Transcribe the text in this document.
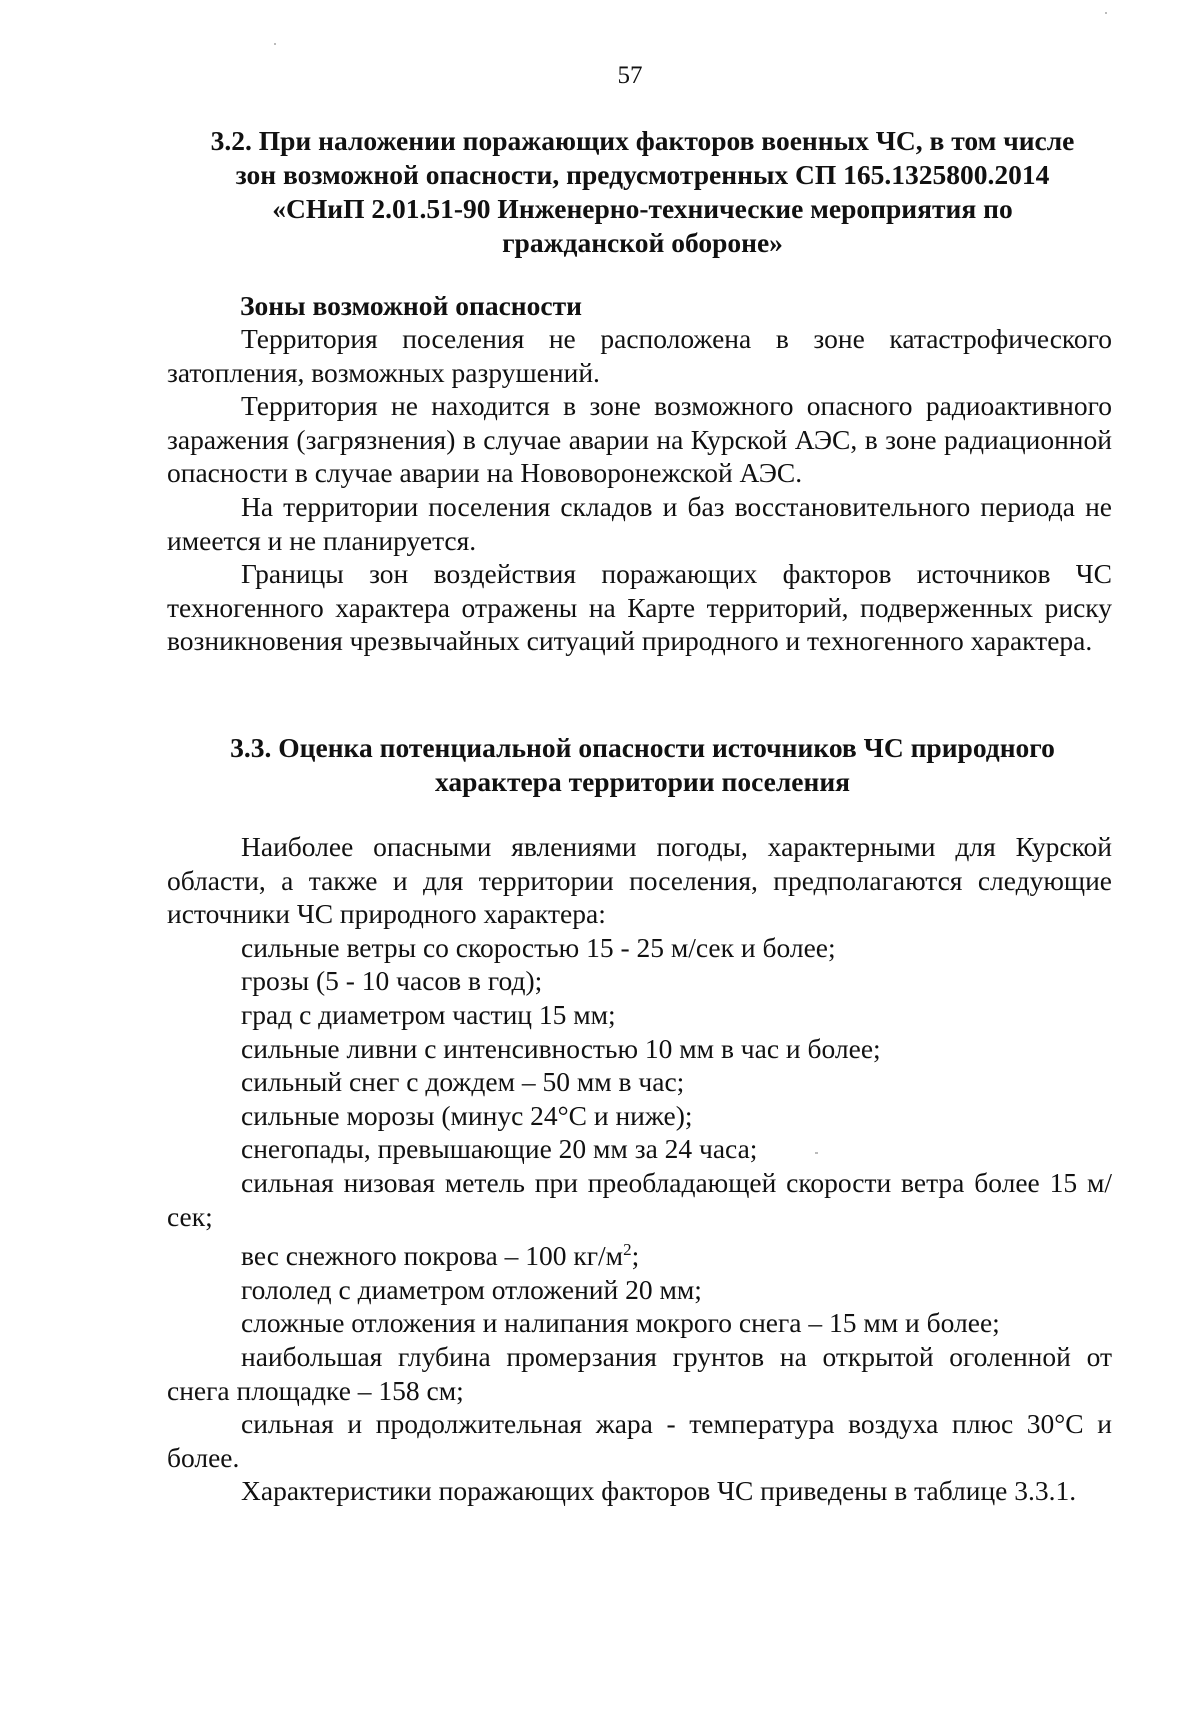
57
3.2. При наложении поражающих факторов военных ЧС, в том числе
зон возможной опасности, предусмотренных СП 165.1325800.2014
«СНиП 2.01.51-90 Инженерно-технические мероприятия по
гражданской обороне»
Зоны возможной опасности

Территория поселения не расположена в зоне катастрофического затопления, возможных разрушений.

Территория не находится в зоне возможного опасного радиоактивного заражения (загрязнения) в случае аварии на Курской АЭС, в зоне радиационной опасности в случае аварии на Нововоронежской АЭС.

На территории поселения складов и баз восстановительного периода не имеется и не планируется.

Границы зон воздействия поражающих факторов источников ЧС техногенного характера отражены на Карте территорий, подверженных риску возникновения чрезвычайных ситуаций природного и техногенного характера.

3.3. Оценка потенциальной опасности источников ЧС природного
характера территории поселения

Наиболее опасными явлениями погоды, характерными для Курской области, а также и для территории поселения, предполагаются следующие источники ЧС природного характера:

сильные ветры со скоростью 15 - 25 м/сек и более;

грозы (5 - 10 часов в год);

град с диаметром частиц 15 мм;

сильные ливни с интенсивностью 10 мм в час и более;

сильный снег с дождем – 50 мм в час;

сильные морозы (минус 24°С и ниже);

снегопады, превышающие 20 мм за 24 часа;

сильная низовая метель при преобладающей скорости ветра более 15 м/сек;

вес снежного покрова – 100 $кг/м^2$;

гололед с диаметром отложений 20 мм;

сложные отложения и налипания мокрого снега – 15 мм и более;

наибольшая глубина промерзания грунтов на открытой оголенной от снега площадке – 158 см;

сильная и продолжительная жара - температура воздуха плюс 30°С и более.

Характеристики поражающих факторов ЧС приведены в таблице 3.3.1.
